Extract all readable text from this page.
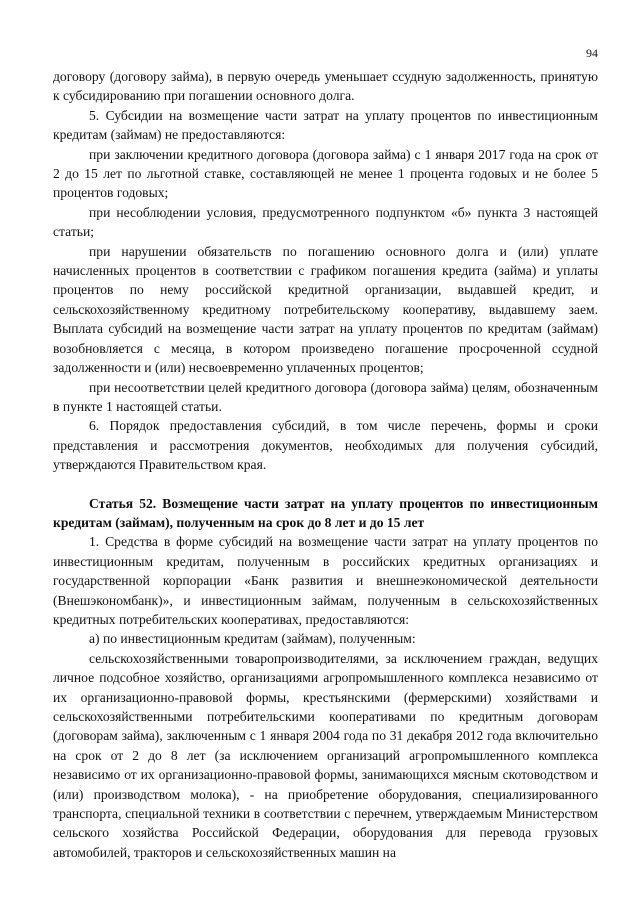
94

договору (договору займа), в первую очередь уменьшает ссудную задолженность, принятую к субсидированию при погашении основного долга.

5. Субсидии на возмещение части затрат на уплату процентов по инвестиционным кредитам (займам) не предоставляются:

при заключении кредитного договора (договора займа) с 1 января 2017 года на срок от 2 до 15 лет по льготной ставке, составляющей не менее 1 процента годовых и не более 5 процентов годовых;

при несоблюдении условия, предусмотренного подпунктом «б» пункта 3 настоящей статьи;

при нарушении обязательств по погашению основного долга и (или) уплате начисленных процентов в соответствии с графиком погашения кредита (займа) и уплаты процентов по нему российской кредитной организации, выдавшей кредит, и сельскохозяйственному кредитному потребительскому кооперативу, выдавшему заем. Выплата субсидий на возмещение части затрат на уплату процентов по кредитам (займам) возобновляется с месяца, в котором произведено погашение просроченной ссудной задолженности и (или) несвоевременно уплаченных процентов;

при несоответствии целей кредитного договора (договора займа) целям, обозначенным в пункте 1 настоящей статьи.

6. Порядок предоставления субсидий, в том числе перечень, формы и сроки представления и рассмотрения документов, необходимых для получения субсидий, утверждаются Правительством края.

Статья 52. Возмещение части затрат на уплату процентов по инвестиционным кредитам (займам), полученным на срок до 8 лет и до 15 лет

1. Средства в форме субсидий на возмещение части затрат на уплату процентов по инвестиционным кредитам, полученным в российских кредитных организациях и государственной корпорации «Банк развития и внешнеэкономической деятельности (Внешэкономбанк)», и инвестиционным займам, полученным в сельскохозяйственных кредитных потребительских кооперативах, предоставляются:

а) по инвестиционным кредитам (займам), полученным:

сельскохозяйственными товаропроизводителями, за исключением граждан, ведущих личное подсобное хозяйство, организациями агропромышленного комплекса независимо от их организационно-правовой формы, крестьянскими (фермерскими) хозяйствами и сельскохозяйственными потребительскими кооперативами по кредитным договорам (договорам займа), заключенным с 1 января 2004 года по 31 декабря 2012 года включительно на срок от 2 до 8 лет (за исключением организаций агропромышленного комплекса независимо от их организационно-правовой формы, занимающихся мясным скотоводством и (или) производством молока), - на приобретение оборудования, специализированного транспорта, специальной техники в соответствии с перечнем, утверждаемым Министерством сельского хозяйства Российской Федерации, оборудования для перевода грузовых автомобилей, тракторов и сельскохозяйственных машин на
